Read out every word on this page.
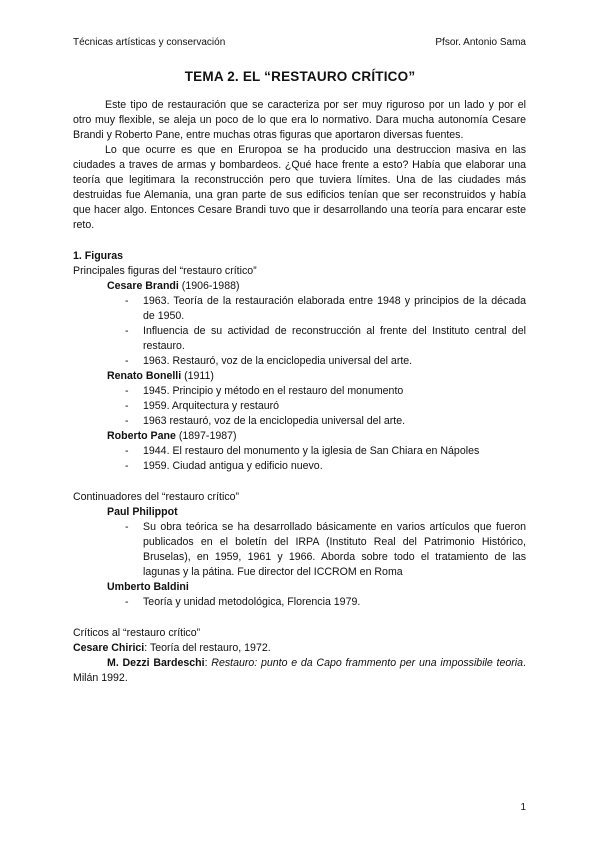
Técnicas artísticas y conservación	Pfsor. Antonio Sama
TEMA 2. EL “RESTAURO CRÍTICO”

Este tipo de restauración que se caracteriza por ser muy riguroso por un lado y por el otro muy flexible, se aleja un poco de lo que era lo normativo. Dara mucha autonomía Cesare Brandi y Roberto Pane, entre muchas otras figuras que aportaron diversas fuentes.

Lo que ocurre es que en Eruropoa se ha producido una destruccion masiva en las ciudades a traves de armas y bombardeos. ¿Qué hace frente a esto? Había que elaborar una teoría que legitimara la reconstrucción pero que tuviera límites. Una de las ciudades más destruidas fue Alemania, una gran parte de sus edificios tenían que ser reconstruidos y había que hacer algo. Entonces Cesare Brandi tuvo que ir desarrollando una teoría para encarar este reto.

1. Figuras
Principales figuras del “restauro crítico”
Cesare Brandi (1906-1988)
- 1963. Teoría de la restauración elaborada entre 1948 y principios de la década de 1950.
- Influencia de su actividad de reconstrucción al frente del Instituto central del restauro.
- 1963. Restauró, voz de la enciclopedia universal del arte.
Renato Bonelli (1911)
- 1945. Principio y método en el restauro del monumento
- 1959. Arquitectura y restauró
- 1963 restauró, voz de la enciclopedia universal del arte.
Roberto Pane (1897-1987)
- 1944. El restauro del monumento y la iglesia de San Chiara en Nápoles
- 1959. Ciudad antigua y edificio nuevo.
Continuadores del “restauro crítico”
Paul Philippot
- Su obra teórica se ha desarrollado básicamente en varios artículos que fueron publicados en el boletín del IRPA (Instituto Real del Patrimonio Histórico, Bruselas), en 1959, 1961 y 1966. Aborda sobre todo el tratamiento de las lagunas y la pátina. Fue director del ICCROM en Roma
Umberto Baldini
- Teoría y unidad metodológica, Florencia 1979.
Críticos al “restauro crítico”

Cesare Chirici: Teoría del restauro, 1972.

M. Dezzi Bardeschi: Restauro: punto e da Capo frammento per una impossibile teoria. Milán 1992.

1
